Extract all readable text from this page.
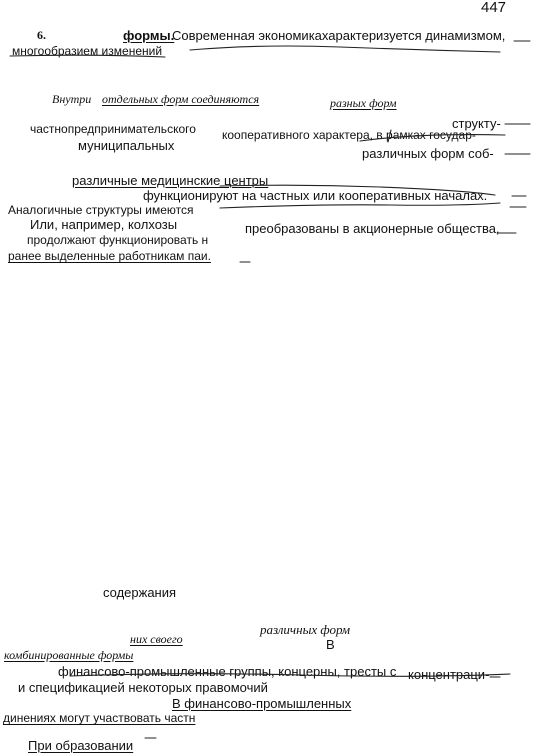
447
6.	формы.
Современная экономикахарактеризуется динамизмом,
многообразием изменений
Внутри отдельных форм соединяются	разных форм
структу-
частнопредпринимательского кооперативного характера, в рамках государ-
муниципальных
различных форм соб-
различные медицинские центры
функционируют на частных или кооперативных началах.
Аналогичные структуры имеются
Или, например, колхозы	преобразованы в акционерные общества,
продолжают функционировать н
ранее выделенные работникам паи.
содержания
различных форм
них своего	В
комбинированные формы
финансово-промышленные группы, концерны, тресты с концентраци-
и спецификацией некоторых правомочий
В финансово-промышленных
динениях могут участвовать частн
При образовании
